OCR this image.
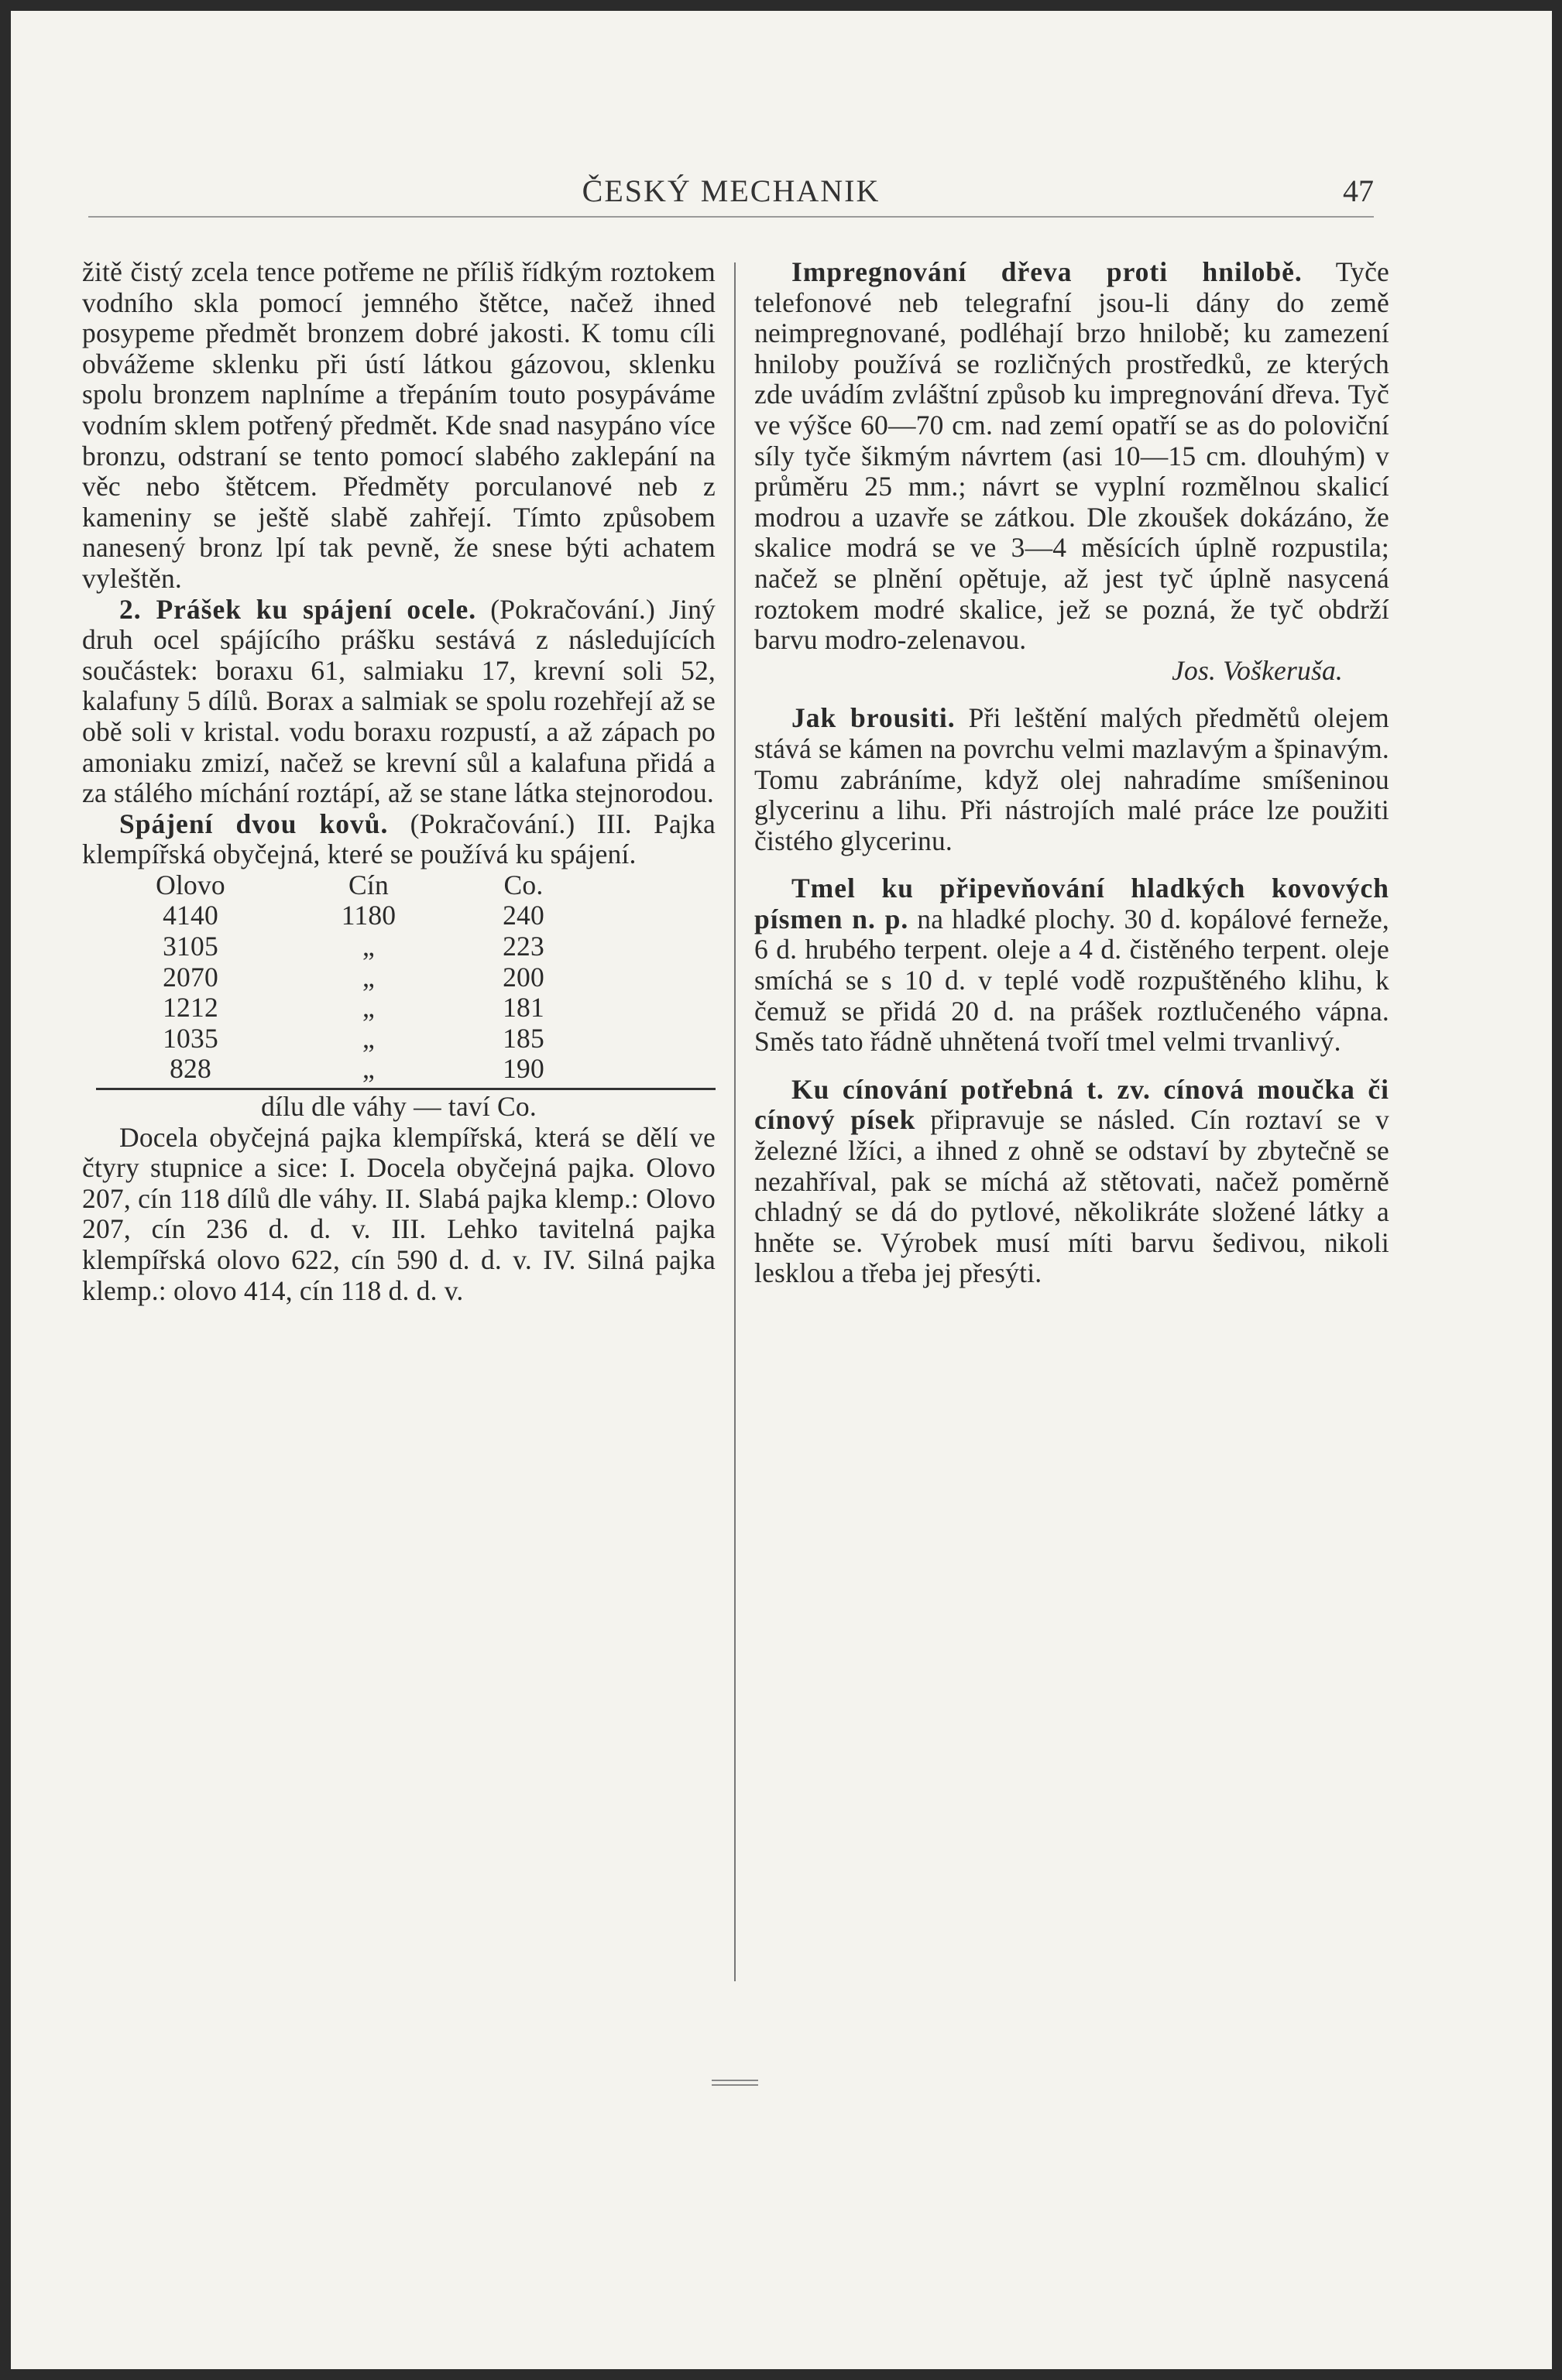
ČESKÝ MECHANIK	47

žitě čistý zcela tence potřeme ne příliš řídkým roztokem vodního skla pomocí jemného štětce, načež ihned posypeme předmět bronzem dobré jakosti. K tomu cíli obvážeme sklenku při ústí látkou gázovou, sklenku spolu bronzem naplníme a třepáním touto posypáváme vodním sklem potřený předmět. Kde snad nasypáno více bronzu, odstraní se tento pomocí slabého zaklepání na věc nebo štětcem. Předměty porculanové neb z kameniny se ještě slabě zahřejí. Tímto způsobem nanesený bronz lpí tak pevně, že snese býti achatem vyleštěn.

2. Prášek ku spájení ocele. (Pokračování.) Jiný druh ocel spájícího prášku sestává z následujících součástek: boraxu 61, salmiaku 17, krevní soli 52, kalafuny 5 dílů. Borax a salmiak se spolu rozehřejí až se obě soli v kristal. vodu boraxu rozpustí, a až zápach po amoniaku zmizí, načež se krevní sůl a kalafuna přidá a za stálého míchání roztápí, až se stane látka stejnorodou.

Spájení dvou kovů. (Pokračování.) III. Pajka klempířská obyčejná, které se používá ku spájení.

Olovo	Cín	Co.
4140	1180	240
3105	„	223
2070	„	200
1212	„	181
1035	„	185
828	„	190

dílu dle váhy — taví Co.

Docela obyčejná pajka klempířská, která se dělí ve čtyry stupnice a sice: I. Docela obyčejná pajka. Olovo 207, cín 118 dílů dle váhy. II. Slabá pajka klemp.: Olovo 207, cín 236 d. d. v. III. Lehko tavitelná pajka klempířská olovo 622, cín 590 d. d. v. IV. Silná pajka klemp.: olovo 414, cín 118 d. d. v.

Impregnování dřeva proti hnilobě. Tyče telefonové neb telegrafní jsou-li dány do země neimpregnované, podléhají brzo hnilobě; ku zamezení hniloby používá se rozličných prostředků, ze kterých zde uvádím zvláštní způsob ku impregnování dřeva. Tyč ve výšce 60—70 cm. nad zemí opatří se as do poloviční síly tyče šikmým návrtem (asi 10—15 cm. dlouhým) v průměru 25 mm.; návrt se vyplní rozmělnou skalicí modrou a uzavře se zátkou. Dle zkoušek dokázáno, že skalice modrá se ve 3—4 měsících úplně rozpustila; načež se plnění opětuje, až jest tyč úplně nasycená roztokem modré skalice, jež se pozná, že tyč obdrží barvu modro-zelenavou.

Jos. Voškeruša.

Jak brousiti. Při leštění malých předmětů olejem stává se kámen na povrchu velmi mazlavým a špinavým. Tomu zabráníme, když olej nahradíme smíšeninou glycerinu a lihu. Při nástrojích malé práce lze použiti čistého glycerinu.

Tmel ku připevňování hladkých kovových písmen n. p. na hladké plochy. 30 d. kopálové ferneže, 6 d. hrubého terpent. oleje a 4 d. čistěného terpent. oleje smíchá se s 10 d. v teplé vodě rozpuštěného klihu, k čemuž se přidá 20 d. na prášek roztlučeného vápna. Směs tato řádně uhnětená tvoří tmel velmi trvanlivý.

Ku cínování potřebná t. zv. cínová moučka či cínový písek připravuje se násled. Cín roztaví se v železné lžíci, a ihned z ohně se odstaví by zbytečně se nezahříval, pak se míchá až stětovati, načež poměrně chladný se dá do pytlové, několikráte složené látky a hněte se. Výrobek musí míti barvu šedivou, nikoli lesklou a třeba jej přesýti.
